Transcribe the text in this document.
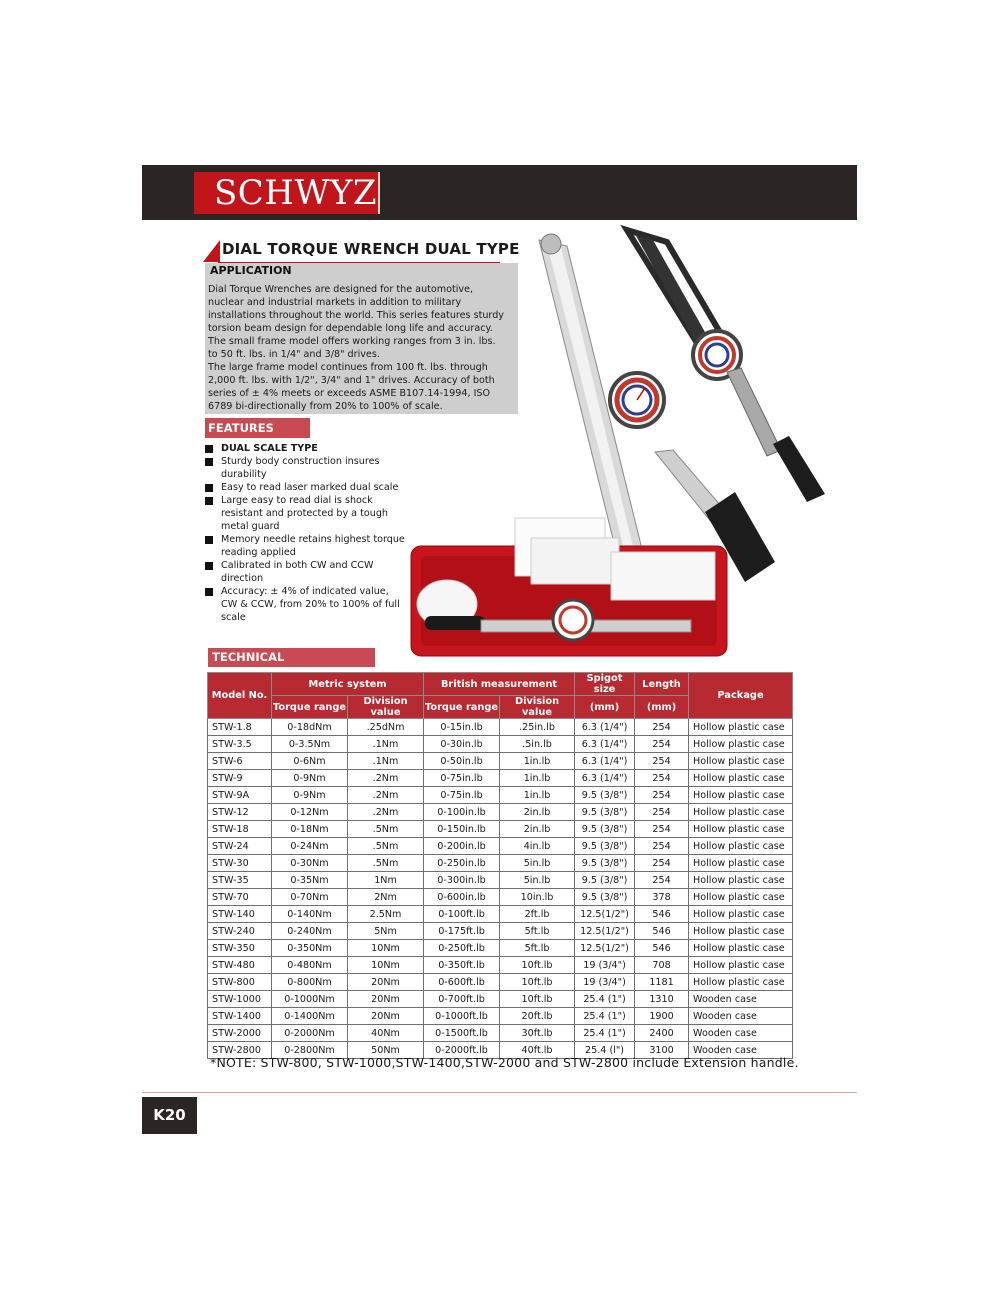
SCHWYZ
DIAL TORQUE WRENCH DUAL TYPE
APPLICATION
Dial Torque Wrenches are designed for the automotive,
nuclear and industrial markets in addition to military
installations throughout the world. This series features sturdy
torsion beam design for dependable long life and accuracy.
The small frame model offers working ranges from 3 in. lbs.
to 50 ft. lbs. in 1/4" and 3/8" drives.
The large frame model continues from 100 ft. lbs. through
2,000 ft. lbs. with 1/2", 3/4" and 1" drives. Accuracy of both
series of ± 4% meets or exceeds ASME B107.14-1994, ISO
6789 bi-directionally from 20% to 100% of scale.
FEATURES
DUAL SCALE TYPE
Sturdy body construction insures durability
Easy to read laser marked dual scale
Large easy to read dial is shock resistant and protected by a tough metal guard
Memory needle retains highest torque reading applied
Calibrated in both CW and CCW direction
Accuracy: ± 4% of indicated value, CW & CCW, from 20% to 100% of full scale
TECHNICAL
Model No.	Metric system		British measurement		Spigot size	Length	Package
	Torque range	Division value	Torque range	Division value	(mm)	(mm)	
STW-1.8	0-18dNm	.25dNm	0-15in.lb	.25in.lb	6.3 (1/4")	254	Hollow plastic case
STW-3.5	0-3.5Nm	.1Nm	0-30in.lb	.5in.lb	6.3 (1/4")	254	Hollow plastic case
STW-6	0-6Nm	.1Nm	0-50in.lb	1in.lb	6.3 (1/4")	254	Hollow plastic case
STW-9	0-9Nm	.2Nm	0-75in.lb	1in.lb	6.3 (1/4")	254	Hollow plastic case
STW-9A	0-9Nm	.2Nm	0-75in.lb	1in.lb	9.5 (3/8")	254	Hollow plastic case
STW-12	0-12Nm	.2Nm	0-100in.lb	2in.lb	9.5 (3/8")	254	Hollow plastic case
STW-18	0-18Nm	.5Nm	0-150in.lb	2in.lb	9.5 (3/8")	254	Hollow plastic case
STW-24	0-24Nm	.5Nm	0-200in.lb	4in.lb	9.5 (3/8")	254	Hollow plastic case
STW-30	0-30Nm	.5Nm	0-250in.lb	5in.lb	9.5 (3/8")	254	Hollow plastic case
STW-35	0-35Nm	1Nm	0-300in.lb	5in.lb	9.5 (3/8")	254	Hollow plastic case
STW-70	0-70Nm	2Nm	0-600in.lb	10in.lb	9.5 (3/8")	378	Hollow plastic case
STW-140	0-140Nm	2.5Nm	0-100ft.lb	2ft.lb	12.5(1/2")	546	Hollow plastic case
STW-240	0-240Nm	5Nm	0-175ft.lb	5ft.lb	12.5(1/2")	546	Hollow plastic case
STW-350	0-350Nm	10Nm	0-250ft.lb	5ft.lb	12.5(1/2")	546	Hollow plastic case
STW-480	0-480Nm	10Nm	0-350ft.lb	10ft.lb	19 (3/4")	708	Hollow plastic case
STW-800	0-800Nm	20Nm	0-600ft.lb	10ft.lb	19 (3/4")	1181	Hollow plastic case
STW-1000	0-1000Nm	20Nm	0-700ft.lb	10ft.lb	25.4 (1")	1310	Wooden case
STW-1400	0-1400Nm	20Nm	0-1000ft.lb	20ft.lb	25.4 (1")	1900	Wooden case
STW-2000	0-2000Nm	40Nm	0-1500ft.lb	30ft.lb	25.4 (1")	2400	Wooden case
STW-2800	0-2800Nm	50Nm	0-2000ft.lb	40ft.lb	25.4 (l")	3100	Wooden case
*NOTE: STW-800, STW-1000,STW-1400,STW-2000 and STW-2800 include Extension handle.
K20
